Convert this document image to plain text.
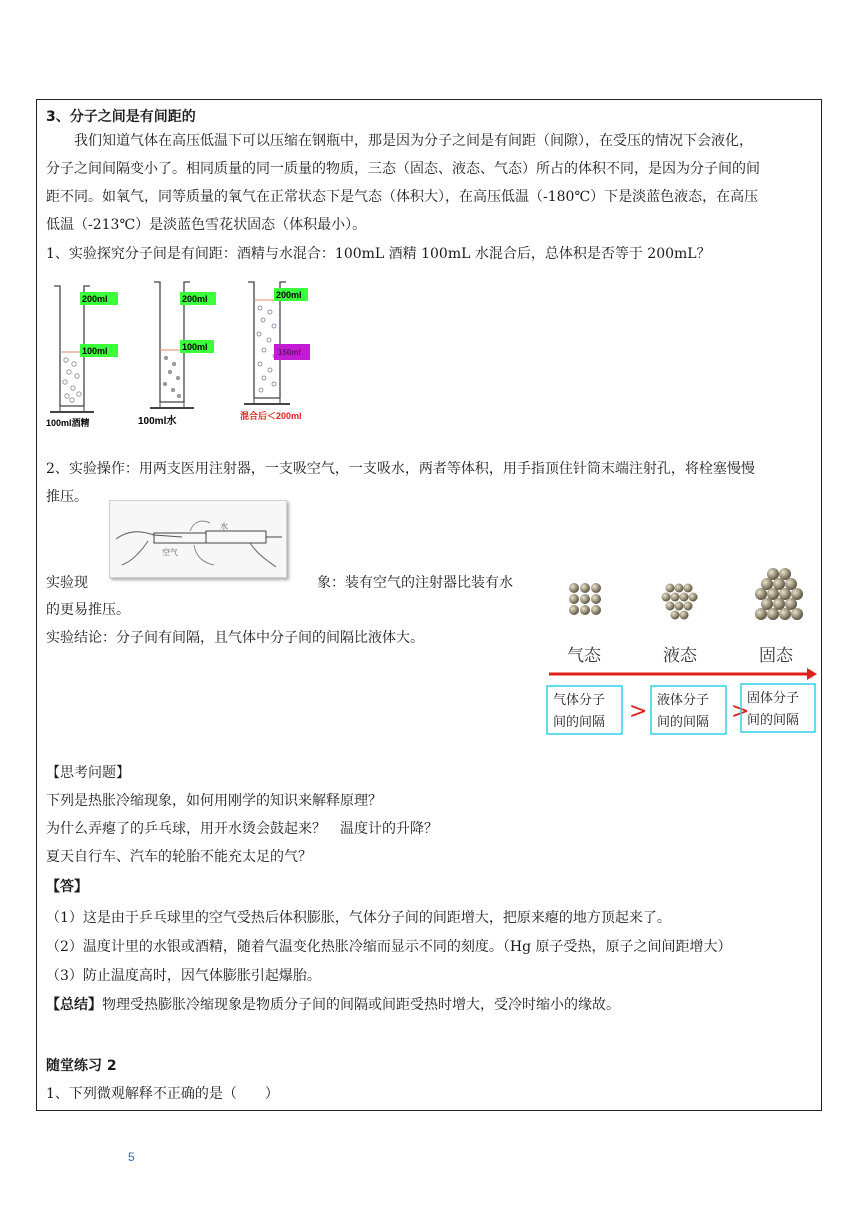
3、分子之间是有间距的
　　我们知道气体在高压低温下可以压缩在钢瓶中，那是因为分子之间是有间距（间隙），在受压的情况下会液化，
分子之间间隔变小了。相同质量的同一质量的物质，三态（固态、液态、气态）所占的体积不同，是因为分子间的间
距不同。如氧气，同等质量的氧气在正常状态下是气态（体积大），在高压低温（-180℃）下是淡蓝色液态，在高压
低温（-213℃）是淡蓝色雪花状固态（体积最小）。
1、实验探究分子间是有间距：酒精与水混合：100mL 酒精 100mL 水混合后，总体积是否等于 200mL？
200ml
100ml
100ml酒精
200ml
100ml
100ml水
200ml
150ml
混合后＜200ml
2、实验操作：用两支医用注射器，一支吸空气，一支吸水，两者等体积，用手指顶住针筒末端注射孔，将栓塞慢慢
推压。
空气
水
实验现	象：装有空气的注射器比装有水
的更易推压。
实验结论：分子间有间隔，且气体中分子间的间隔比液体大。
气态	液态	固态
气体分子
间的间隔 > 液体分子
间的间隔 >
固体分子
间的间隔
【思考问题】
下列是热胀冷缩现象，如何用刚学的知识来解释原理？
为什么弄瘪了的乒乓球，用开水烫会鼓起来？　温度计的升降？
夏天自行车、汽车的轮胎不能充太足的气？
【答】
（1）这是由于乒乓球里的空气受热后体积膨胀，气体分子间的间距增大，把原来瘪的地方顶起来了。
（2）温度计里的水银或酒精，随着气温变化热胀冷缩而显示不同的刻度。（Hg 原子受热，原子之间间距增大）
（3）防止温度高时，因气体膨胀引起爆胎。
【总结】物理受热膨胀冷缩现象是物质分子间的间隔或间距受热时增大，受冷时缩小的缘故。
随堂练习 2
1、下列微观解释不正确的是（　　）
5
